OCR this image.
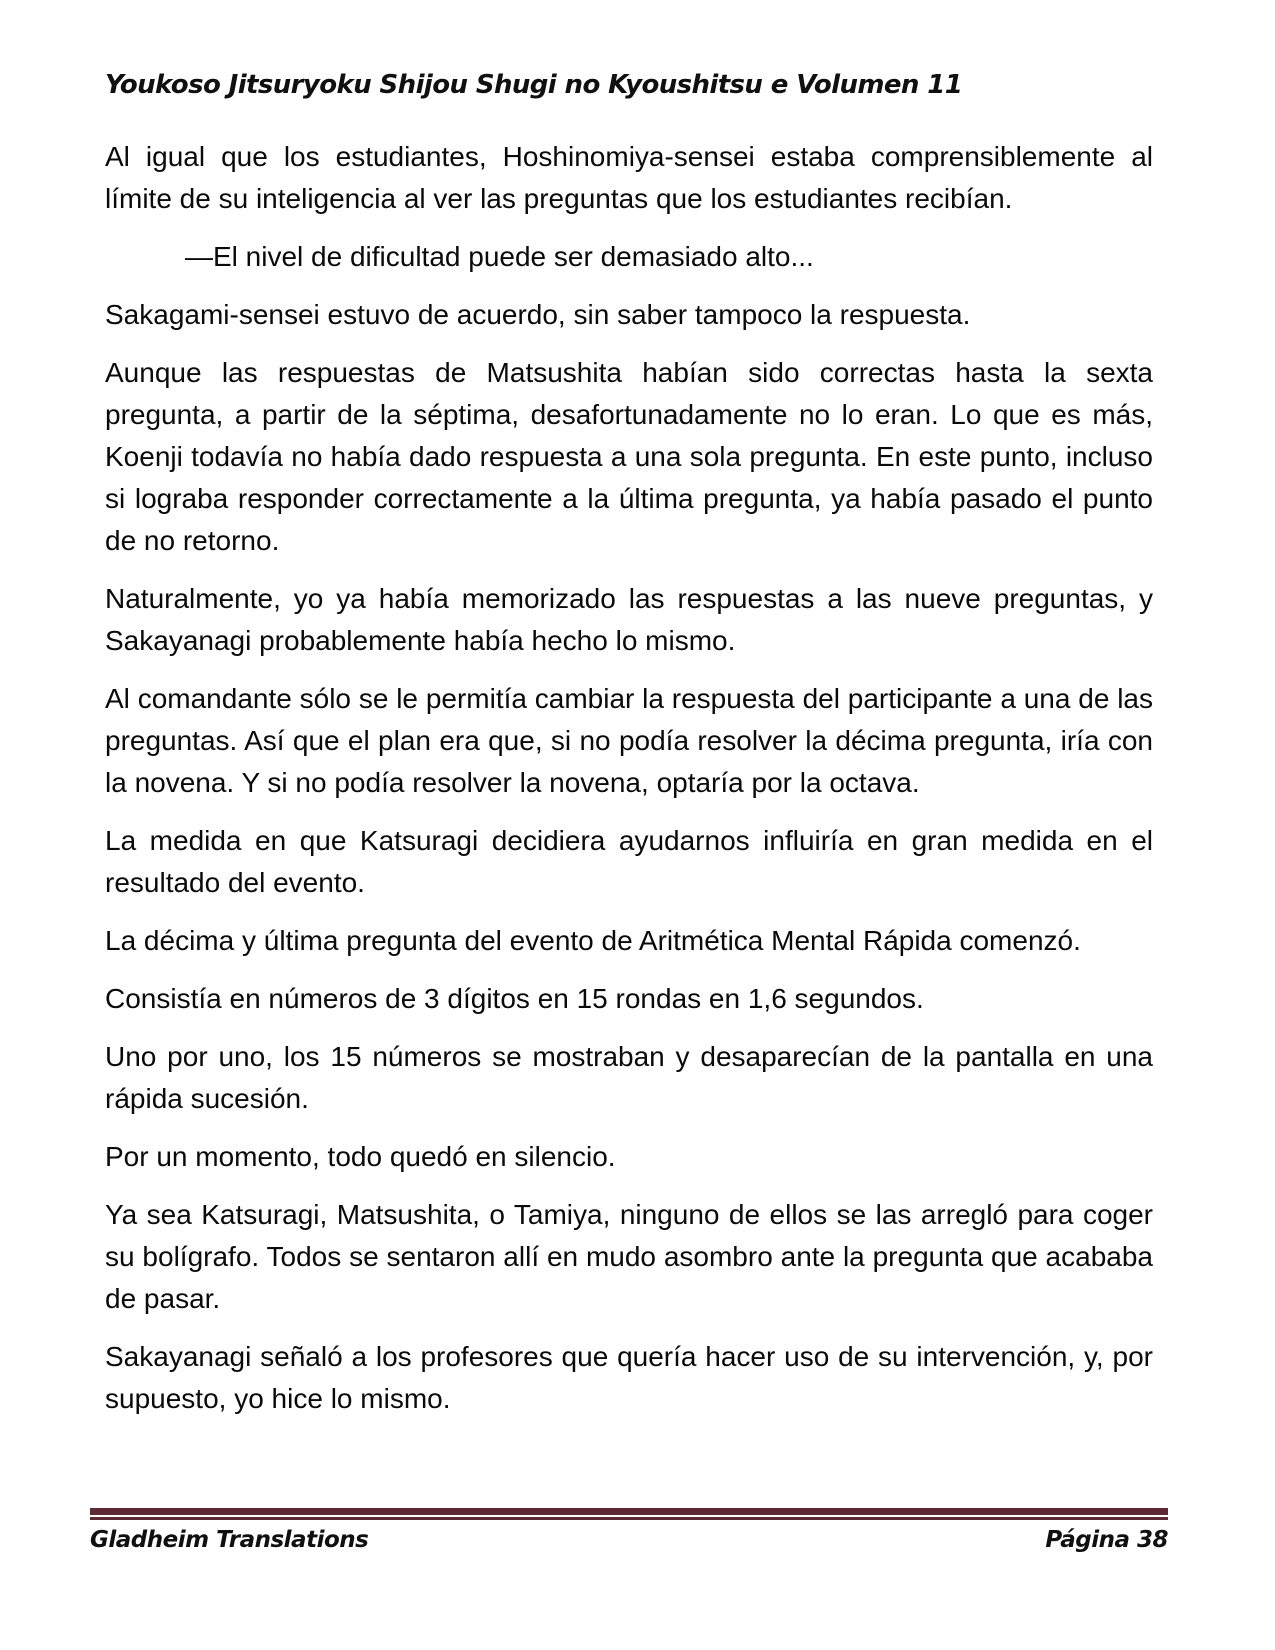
Youkoso Jitsuryoku Shijou Shugi no Kyoushitsu e Volumen 11

Al igual que los estudiantes, Hoshinomiya-sensei estaba comprensiblemente al límite de su inteligencia al ver las preguntas que los estudiantes recibían.

—El nivel de dificultad puede ser demasiado alto...

Sakagami-sensei estuvo de acuerdo, sin saber tampoco la respuesta.

Aunque las respuestas de Matsushita habían sido correctas hasta la sexta pregunta, a partir de la séptima, desafortunadamente no lo eran. Lo que es más, Koenji todavía no había dado respuesta a una sola pregunta. En este punto, incluso si lograba responder correctamente a la última pregunta, ya había pasado el punto de no retorno.

Naturalmente, yo ya había memorizado las respuestas a las nueve preguntas, y Sakayanagi probablemente había hecho lo mismo.

Al comandante sólo se le permitía cambiar la respuesta del participante a una de las preguntas. Así que el plan era que, si no podía resolver la décima pregunta, iría con la novena. Y si no podía resolver la novena, optaría por la octava.

La medida en que Katsuragi decidiera ayudarnos influiría en gran medida en el resultado del evento.

La décima y última pregunta del evento de Aritmética Mental Rápida comenzó.

Consistía en números de 3 dígitos en 15 rondas en 1,6 segundos.

Uno por uno, los 15 números se mostraban y desaparecían de la pantalla en una rápida sucesión.

Por un momento, todo quedó en silencio.

Ya sea Katsuragi, Matsushita, o Tamiya, ninguno de ellos se las arregló para coger su bolígrafo. Todos se sentaron allí en mudo asombro ante la pregunta que acababa de pasar.

Sakayanagi señaló a los profesores que quería hacer uso de su intervención, y, por supuesto, yo hice lo mismo.

Gladheim Translations	Página 38
